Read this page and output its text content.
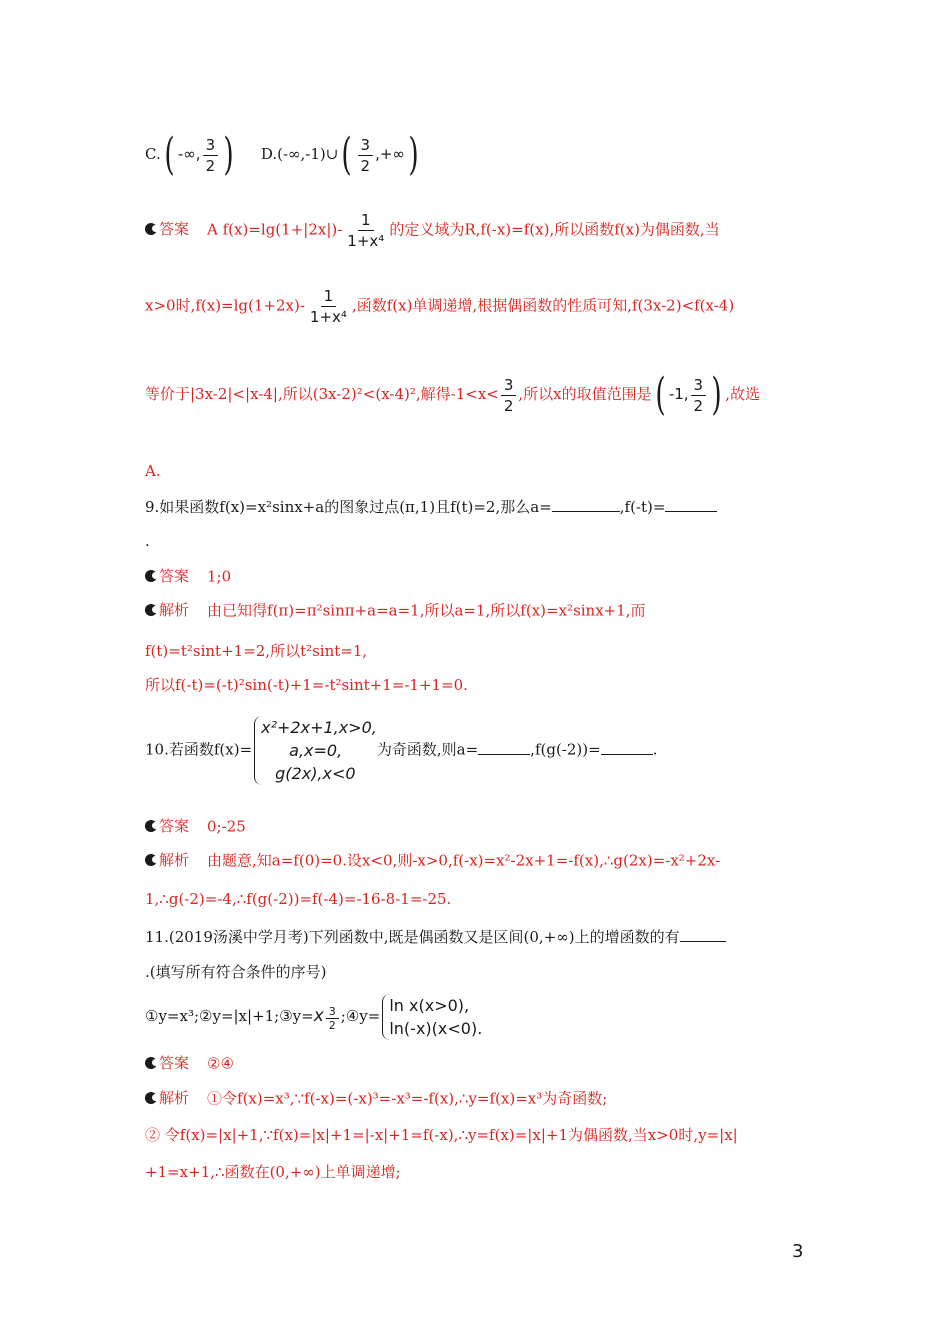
C.( -∞, $\frac{3}{2}$ ) D.(-∞,-1)∪( $\frac{3}{2}$ ,+∞)
答案 A $f(x)=\lg(1+|2x|)- \frac{1}{\text{1+x⁴}}$ 的定义域为R,f(-x)=f(x),所以函数f(x)为偶函数,当
x>0时$,f(x)=\lg(1+2x)- \frac{1}{\text{1+x⁴}}$ ,函数f(x)单调递增,根据偶函数的性质可知,f(3x-2)<f(x-4)
等价于|3x-2|<|x-4|,所以(3x-2)²<(x-4)²,解得$-1<x< \frac{3}{2}$ ,所以x的取值范围是( -1, $\frac{3}{2}$ ) ,故选
A.
9.如果函数f(x)=x²sinx+a的图象过点(π,1)且f(t)=2,那么a=	,f(-t)=
.
答案 1;0
解析 由已知得f(π)=π²sinπ+a=a=1,所以a=1,所以f(x)=x²sinx+1,而
f(t)=t²sint+1=2,所以t²sint=1,
所以f(-t)=(-t)²sin(-t)+1=-t²sint+1=-1+1=0.
10.若函数f(x)=
x²+2x+1,x>0,
a,x=0,
g(2x),x<0
为奇函数,则a=	,f(g(-2))=	.
答案 0;-25
解析 由题意,知a=f(0)=0.设x<0,则-x>0,f(-x)=x²-2x+1=-f(x),∴g(2x)=-x²+2x-
1,∴g(-2)=-4,∴f(g(-2))=f(-4)=-16-8-1=-25.
11.(2019汤溪中学月考)下列函数中,既是偶函数又是区间(0,+∞)上的增函数的有
.(填写所有符合条件的序号)
①y=x³;②y=|x|+1;③y=x $\frac{3}{2}$ ;④y=
ln x(x>0),
ln(-x)(x<0).
答案 ②④
解析 ①令f(x)=x³,∵f(-x)=(-x)³=-x³=-f(x),∴y=f(x)=x³为奇函数;
② 令f(x)=|x|+1,∵f(x)=|x|+1=|-x|+1=f(-x),∴y=f(x)=|x|+1为偶函数,当x>0时,y=|x|
+1=x+1,∴函数在(0,+∞)上单调递增;
3
